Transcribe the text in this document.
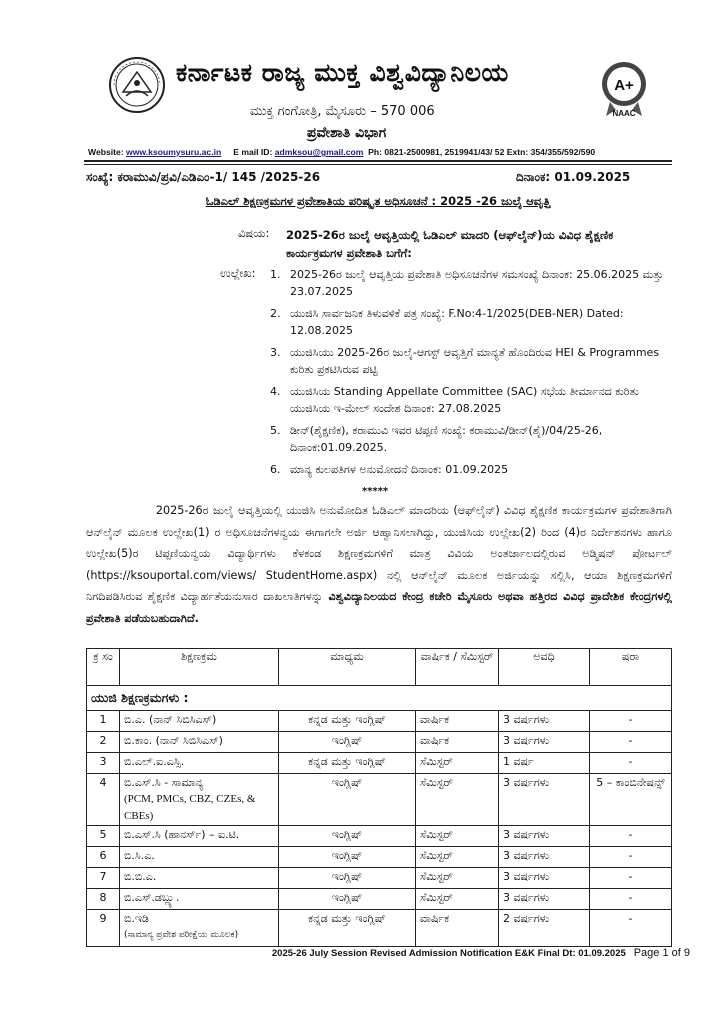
ಕರ್ನಾಟಕ ರಾಜ್ಯ ಮುಕ್ತ ವಿಶ್ವವಿದ್ಯಾನಿಲಯ	A+
NAAC
ಮುಕ್ತ ಗಂಗೋತ್ರಿ, ಮೈಸೂರು – 570 006
ಪ್ರವೇಶಾತಿ ವಿಭಾಗ
Website: www.ksoumysuru.ac.in E mail ID: admksou@gmail.com Ph: 0821-2500981, 2519941/43/ 52 Extn: 354/355/592/590
ಸಂಖ್ಯೆ: ಕರಾಮುವಿ/ಪ್ರವಿ/ಎಡಿಎಂ-1/ 145 /2025-26	ದಿನಾಂಕ: 01.09.2025
ಓಡಿಎಲ್ ಶಿಕ್ಷಣಕ್ರಮಗಳ ಪ್ರವೇಶಾತಿಯ ಪರಿಷ್ಕೃತ ಅಧಿಸೂಚನೆ : 2025 -26 ಜುಲೈ ಆವೃತ್ತಿ
ವಿಷಯ: 2025-26ರ ಜುಲೈ ಆವೃತ್ತಿಯಲ್ಲಿ ಓಡಿಎಲ್ ಮಾದರಿ (ಆಫ್‌ಲೈನ್)ಯ ವಿವಿಧ ಶೈಕ್ಷಣಿಕ ಕಾರ್ಯಕ್ರಮಗಳ ಪ್ರವೇಶಾತಿ ಬಗೆಗೆ:
ಉಲ್ಲೇಖ: 1. 2025-26ರ ಜುಲೈ ಆವೃತ್ತಿಯ ಪ್ರವೇಶಾತಿ ಅಧಿಸೂಚನೆಗಳ ಸಮಸಂಖ್ಯೆ ದಿನಾಂಕ: 25.06.2025 ಮತ್ತು 23.07.2025
2. ಯುಜಿಸಿ ಸಾರ್ವಜನಿಕ ತಿಳುವಳಿಕೆ ಪತ್ರ ಸಂಖ್ಯೆ: F.No:4-1/2025(DEB-NER) Dated: 12.08.2025
3. ಯುಜಿಸಿಯು 2025-26ರ ಜುಲೈ-ಆಗಸ್ಟ್ ಆವೃತ್ತಿಗೆ ಮಾನ್ಯತೆ ಹೊಂದಿರುವ HEI & Programmes ಕುರಿತು ಪ್ರಕಟಿಸಿರುವ ಪಟ್ಟಿ
4. ಯುಜಿಸಿಯ Standing Appellate Committee (SAC) ಸಭೆಯ ತೀರ್ಮಾನದ ಕುರಿತು ಯುಜಿಸಿಯ ಇ-ಮೇಲ್ ಸಂದೇಶ ದಿನಾಂಕ: 27.08.2025
5. ಡೀನ್(ಶೈಕ್ಷಣಿಕ), ಕರಾಮುವಿ ಇವರ ಟಿಪ್ಪಣಿ ಸಂಖ್ಯೆ: ಕರಾಮುವಿ/ಡೀನ್(ಶೈ)/04/25-26, ದಿನಾಂಕ:01.09.2025.
6. ಮಾನ್ಯ ಕುಲಪತಿಗಳ ಅನುಮೋದನೆ ದಿನಾಂಕ: 01.09.2025
*****
2025-26ರ ಜುಲೈ ಆವೃತ್ತಿಯಲ್ಲಿ ಯುಜಿಸಿ ಅನುಮೋದಿತ ಓಡಿಎಲ್ ಮಾದರಿಯ (ಆಫ್‌ಲೈನ್) ವಿವಿಧ ಶೈಕ್ಷಣಿಕ ಕಾರ್ಯಕ್ರಮಗಳ ಪ್ರವೇಶಾತಿಗಾಗಿ ಆನ್‌ಲೈನ್ ಮೂಲಕ ಉಲ್ಲೇಖ(1) ರ ಅಧಿಸೂಚನೆಗಳನ್ವಯ ಈಗಾಗಲೇ ಅರ್ಜಿ ಆಹ್ವಾನಿಸಲಾಗಿದ್ದು, ಯುಜಿಸಿಯ ಉಲ್ಲೇಖ(2) ರಿಂದ (4)ರ ನಿರ್ದೇಶನಗಳು ಹಾಗೂ ಉಲ್ಲೇಖ(5)ರ ಟಿಪ್ಪಣಿಯನ್ವಯ ವಿದ್ಯಾರ್ಥಿಗಳು ಕೆಳಕಂಡ ಶಿಕ್ಷಣಕ್ರಮಗಳಿಗೆ ಮಾತ್ರ ವಿವಿಯ ಅಂತರ್ಜಾಲದಲ್ಲಿರುವ ಅಡ್ಮಿಷನ್ ಪೋರ್ಟಲ್ (https://ksouportal.com/views/ StudentHome.aspx) ನಲ್ಲಿ ಆನ್‌ಲೈನ್ ಮೂಲಕ ಅರ್ಜಿಯನ್ನು ಸಲ್ಲಿಸಿ, ಆಯಾ ಶಿಕ್ಷಣಕ್ರಮಗಳಿಗೆ ನಿಗದಿಪಡಿಸಿರುವ ಶೈಕ್ಷಣಿಕ ವಿದ್ಯಾರ್ಹತೆಯನುಸಾರ ದಾಖಲಾತಿಗಳನ್ನು ವಿಶ್ವವಿದ್ಯಾನಿಲಯದ ಕೇಂದ್ರ ಕಚೇರಿ ಮೈಸೂರು ಅಥವಾ ಹತ್ತಿರದ ವಿವಿಧ ಪ್ರಾದೇಶಿಕ ಕೇಂದ್ರಗಳಲ್ಲಿ ಪ್ರವೇಶಾತಿ ಪಡೆಯಬಹುದಾಗಿದೆ.
ಕ್ರ ಸಂ	ಶಿಕ್ಷಣಕ್ರಮ	ಮಾಧ್ಯಮ	ವಾರ್ಷಿಕ / ಸೆಮಿಸ್ಟರ್	ಅವಧಿ	ಷರಾ
ಯುಜಿ ಶಿಕ್ಷಣಕ್ರಮಗಳು :					
1	ಬಿ.ಎ. (ನಾನ್ ಸಿಬಿಸಿಎಸ್)	ಕನ್ನಡ ಮತ್ತು ಇಂಗ್ಲಿಷ್	ವಾರ್ಷಿಕ	3 ವರ್ಷಗಳು	-
2	ಬಿ.ಕಾಂ. (ನಾನ್ ಸಿಬಿಸಿಎಸ್)	ಇಂಗ್ಲಿಷ್	ವಾರ್ಷಿಕ	3 ವರ್ಷಗಳು	-
3	ಬಿ.ಎಲ್.ಐ.ಎಸ್ಸಿ.	ಕನ್ನಡ ಮತ್ತು ಇಂಗ್ಲಿಷ್	ಸೆಮಿಸ್ಟರ್	1 ವರ್ಷ	-
4	ಬಿ.ಎಸ್.ಸಿ - ಸಾಮಾನ್ಯ
(PCM, PMCs, CBZ, CZEs, & CBEs)	ಇಂಗ್ಲಿಷ್	ಸೆಮಿಸ್ಟರ್	3 ವರ್ಷಗಳು	5 – ಕಾಂಬಿನೇಷನ್ಸ್
5	ಬಿ.ಎಸ್.ಸಿ (ಹಾನರ್ಸ್) – ಐ.ಟಿ.	ಇಂಗ್ಲಿಷ್	ಸೆಮಿಸ್ಟರ್	3 ವರ್ಷಗಳು	-
6	ಬಿ.ಸಿ.ಎ.	ಇಂಗ್ಲಿಷ್	ಸೆಮಿಸ್ಟರ್	3 ವರ್ಷಗಳು	-
7	ಬಿ.ಬಿ.ಎ.	ಇಂಗ್ಲಿಷ್	ಸೆಮಿಸ್ಟರ್	3 ವರ್ಷಗಳು	-
8	ಬಿ.ಎಸ್.ಡಬ್ಲ್ಯು.	ಇಂಗ್ಲಿಷ್	ಸೆಮಿಸ್ಟರ್	3 ವರ್ಷಗಳು	-
9	ಬಿ.ಇಡಿ
(ಸಾಮಾನ್ಯ ಪ್ರವೇಶ ಪರೀಕ್ಷೆಯ ಮೂಲಕ)	ಕನ್ನಡ ಮತ್ತು ಇಂಗ್ಲಿಷ್	ವಾರ್ಷಿಕ	2 ವರ್ಷಗಳು	-
2025-26 July Session Revised Admission Notification E&K Final Dt: 01.09.2025 Page 1 of 9
